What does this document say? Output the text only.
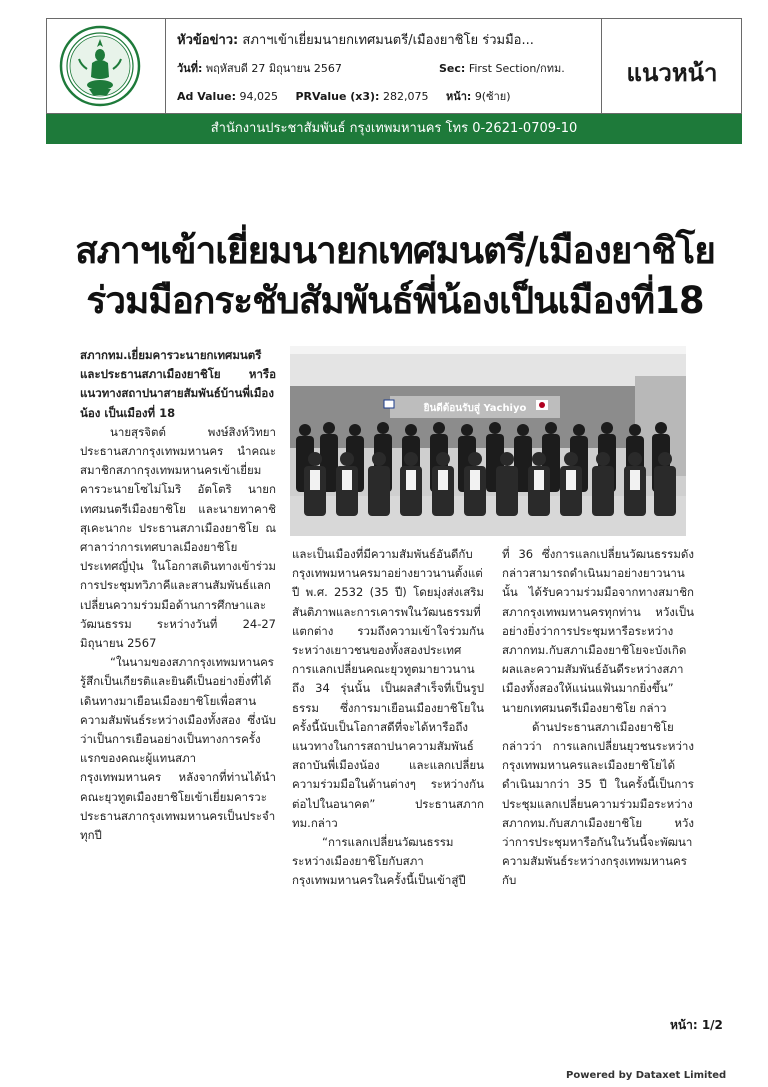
หัวข้อข่าว: สภาฯเข้าเยี่ยมนายกเทศมนตรี/เมืองยาชิโย ร่วมมือ...
วันที่: พฤหัสบดี 27 มิถุนายน 2567	Sec: First Section/กทม.
Ad Value: 94,025 PRValue (x3): 282,075 หน้า: 9(ซ้าย)
แนวหน้า
สำนักงานประชาสัมพันธ์ กรุงเทพมหานคร โทร 0-2621-0709-10
สภาฯเข้าเยี่ยมนายกเทศมนตรี/เมืองยาชิโย
ร่วมมือกระชับสัมพันธ์พี่น้องเป็นเมืองที่18

สภากทม.เยี่ยมคารวะนายกเทศมนตรีและประธานสภาเมืองยาชิโย หารือแนวทางสถาปนาสายสัมพันธ์บ้านพี่เมืองน้อง เป็นเมืองที่ 18

นายสุรจิตต์ พงษ์สิงห์วิทยา ประธานสภากรุงเทพมหานคร นำคณะสมาชิกสภากรุงเทพมหานครเข้าเยี่ยมคารวะนายโซไม่โมริ อัตโตริ นายกเทศมนตรีเมืองยาชิโย และนายทาคาชิ สุเคะนากะ ประธานสภาเมืองยาชิโย ณ ศาลาว่าการเทศบาลเมืองยาชิโย ประเทศญี่ปุ่น ในโอกาสเดินทางเข้าร่วมการประชุมทวิภาคีและสานสัมพันธ์แลกเปลี่ยนความร่วมมือด้านการศึกษาและวัฒนธรรม ระหว่างวันที่ 24-27 มิถุนายน 2567

“ในนามของสภากรุงเทพมหานคร รู้สึกเป็นเกียรติและยินดีเป็นอย่างยิ่งที่ได้เดินทางมาเยือนเมืองยาชิโยเพื่อสานความสัมพันธ์ระหว่างเมืองทั้งสอง ซึ่งนับว่าเป็นการเยือนอย่างเป็นทางการครั้งแรกของคณะผู้แทนสภากรุงเทพมหานคร หลังจากที่ท่านได้นำคณะยุวทูตเมืองยาชิโยเข้าเยี่ยมคารวะประธานสภากรุงเทพมหานครเป็นประจำทุกปี

ยินดีต้อนรับสู่ Yachiyo

และเป็นเมืองที่มีความสัมพันธ์อันดีกับกรุงเทพมหานครมาอย่างยาวนานตั้งแต่ปี พ.ศ. 2532 (35 ปี) โดยมุ่งส่งเสริมสันติภาพและการเคารพในวัฒนธรรมที่แตกต่าง รวมถึงความเข้าใจร่วมกันระหว่างเยาวชนของทั้งสองประเทศ การแลกเปลี่ยนคณะยุวทูตมายาวนานถึง 34 รุ่นนั้น เป็นผลสำเร็จที่เป็นรูปธรรม ซึ่งการมาเยือนเมืองยาชิโยในครั้งนี้นับเป็นโอกาสดีที่จะได้หารือถึงแนวทางในการสถาปนาความสัมพันธ์สถาบันพี่เมืองน้อง และแลกเปลี่ยนความร่วมมือในด้านต่างๆ ระหว่างกันต่อไปในอนาคต” ประธานสภากทม.กล่าว

“การแลกเปลี่ยนวัฒนธรรมระหว่างเมืองยาชิโยกับสภากรุงเทพมหานครในครั้งนี้เป็นเข้าสู่ปี

ที่ 36 ซึ่งการแลกเปลี่ยนวัฒนธรรมดังกล่าวสามารถดำเนินมาอย่างยาวนานนั้น ได้รับความร่วมมือจากทางสมาชิกสภากรุงเทพมหานครทุกท่าน หวังเป็นอย่างยิ่งว่าการประชุมหารือระหว่างสภากทม.กับสภาเมืองยาชิโยจะบังเกิดผลและความสัมพันธ์อันดีระหว่างสภาเมืองทั้งสองให้แน่นแฟ้นมากยิ่งขึ้น” นายกเทศมนตรีเมืองยาชิโย กล่าว

ด้านประธานสภาเมืองยาชิโย กล่าวว่า การแลกเปลี่ยนยุวชนระหว่างกรุงเทพมหานครและเมืองยาชิโยได้ดำเนินมากว่า 35 ปี ในครั้งนี้เป็นการประชุมแลกเปลี่ยนความร่วมมือระหว่างสภากทม.กับสภาเมืองยาชิโย หวังว่าการประชุมหารือกันในวันนี้จะพัฒนาความสัมพันธ์ระหว่างกรุงเทพมหานครกับ

หน้า: 1/2
Powered by Dataxet Limited
